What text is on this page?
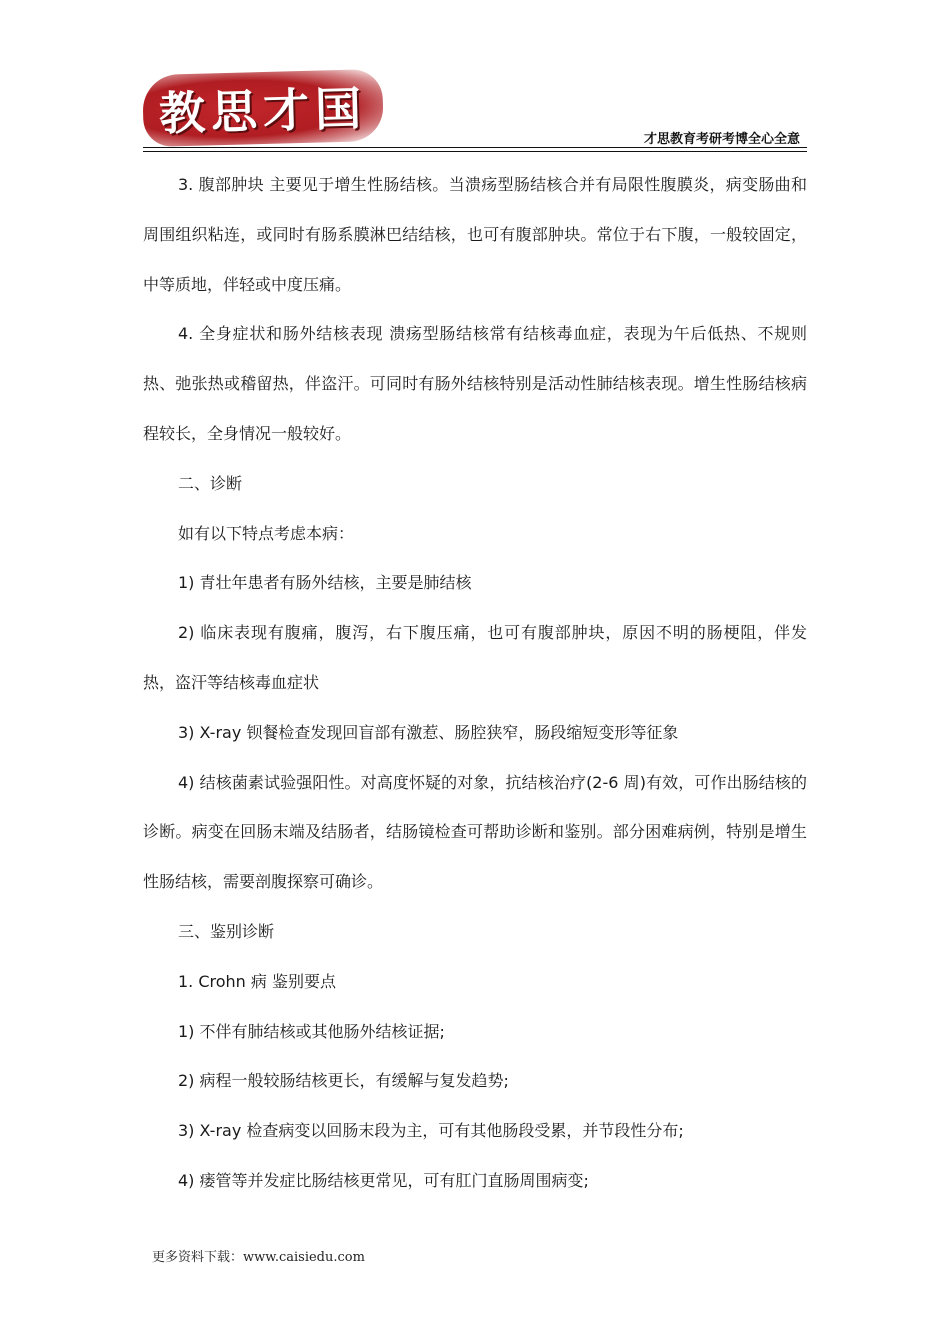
教思才国	才思教育考研考博全心全意

3. 腹部肿块 主要见于增生性肠结核。当溃疡型肠结核合并有局限性腹膜炎，病变肠曲和周围组织粘连，或同时有肠系膜淋巴结结核，也可有腹部肿块。常位于右下腹，一般较固定，中等质地，伴轻或中度压痛。

4. 全身症状和肠外结核表现 溃疡型肠结核常有结核毒血症，表现为午后低热、不规则热、弛张热或稽留热，伴盗汗。可同时有肠外结核特别是活动性肺结核表现。增生性肠结核病程较长，全身情况一般较好。

二、诊断

如有以下特点考虑本病：

1) 青壮年患者有肠外结核，主要是肺结核

2) 临床表现有腹痛，腹泻，右下腹压痛，也可有腹部肿块，原因不明的肠梗阻，伴发热，盗汗等结核毒血症状

3) X-ray 钡餐检查发现回盲部有激惹、肠腔狭窄，肠段缩短变形等征象

4) 结核菌素试验强阳性。对高度怀疑的对象，抗结核治疗(2-6 周)有效，可作出肠结核的诊断。病变在回肠末端及结肠者，结肠镜检查可帮助诊断和鉴别。部分困难病例，特别是增生性肠结核，需要剖腹探察可确诊。

三、鉴别诊断

1. Crohn 病 鉴别要点

1) 不伴有肺结核或其他肠外结核证据;

2) 病程一般较肠结核更长，有缓解与复发趋势;

3) X-ray 检查病变以回肠末段为主，可有其他肠段受累，并节段性分布;

4) 瘘管等并发症比肠结核更常见，可有肛门直肠周围病变;

更多资料下载：www.caisiedu.com
